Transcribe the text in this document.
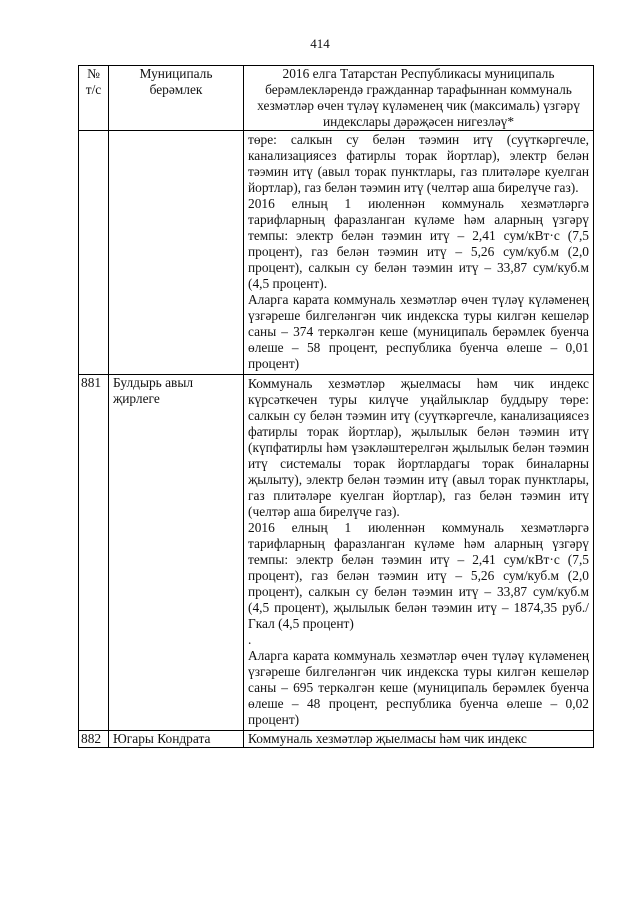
414
№ т/с	Муниципаль берәмлек	2016 елга Татарстан Республикасы муниципаль берәмлекләрендә гражданнар тарафыннан коммуналь хезмәтләр өчен түләү күләменең чик (максималь) үзгәрү индекслары дәрәҗәсен нигезләү*

		төре: салкын су белән тәэмин итү (суүткәргечле, канализациясез фатирлы торак йортлар), электр белән тәэмин итү (авыл торак пунктлары, газ плитәләре куелган йортлар), газ белән тәэмин итү (челтәр аша бирелүче газ).

2016 елның 1 июленнән коммуналь хезмәтләргә тарифларның фаразланган күләме һәм аларның үзгәрү темпы: электр белән тәэмин итү – 2,41 сум/кВт·с (7,5 процент), газ белән тәэмин итү – 5,26 сум/куб.м (2,0 процент), салкын су белән тәэмин итү – 33,87 сум/куб.м (4,5 процент).

Аларга карата коммуналь хезмәтләр өчен түләү күләменең үзгәреше билгеләнгән чик индекска туры килгән кешеләр саны – 374 теркәлгән кеше (муниципаль берәмлек буенча өлеше – 58 процент, республика буенча өлеше – 0,01 процент)

881	Булдырь авыл җирлеге	Коммуналь хезмәтләр җыелмасы һәм чик индекс күрсәткечен туры килүче уңайлыклар буддыру төре: салкын су белән тәэмин итү (суүткәргечле, канализациясез фатирлы торак йортлар), җылылык белән тәэмин итү (күпфатирлы һәм үзәкләштерелгән җылылык белән тәэмин итү системалы торак йортлардагы торак биналарны җылыту), электр белән тәэмин итү (авыл торак пунктлары, газ плитәләре куелган йортлар), газ белән тәэмин итү (челтәр аша бирелүче газ).

2016 елның 1 июленнән коммуналь хезмәтләргә тарифларның фаразланган күләме һәм аларның үзгәрү темпы: электр белән тәэмин итү – 2,41 сум/кВт·с (7,5 процент), газ белән тәэмин итү – 5,26 сум/куб.м (2,0 процент), салкын су белән тәэмин итү – 33,87 сум/куб.м (4,5 процент), җылылык белән тәэмин итү – 1874,35 руб./Гкал (4,5 процент)

.

Аларга карата коммуналь хезмәтләр өчен түләү күләменең үзгәреше билгеләнгән чик индекска туры килгән кешеләр саны – 695 теркәлгән кеше (муниципаль берәмлек буенча өлеше – 48 процент, республика буенча өлеше – 0,02 процент)

882	Югары Кондрата	Коммуналь хезмәтләр җыелмасы һәм чик индекс
